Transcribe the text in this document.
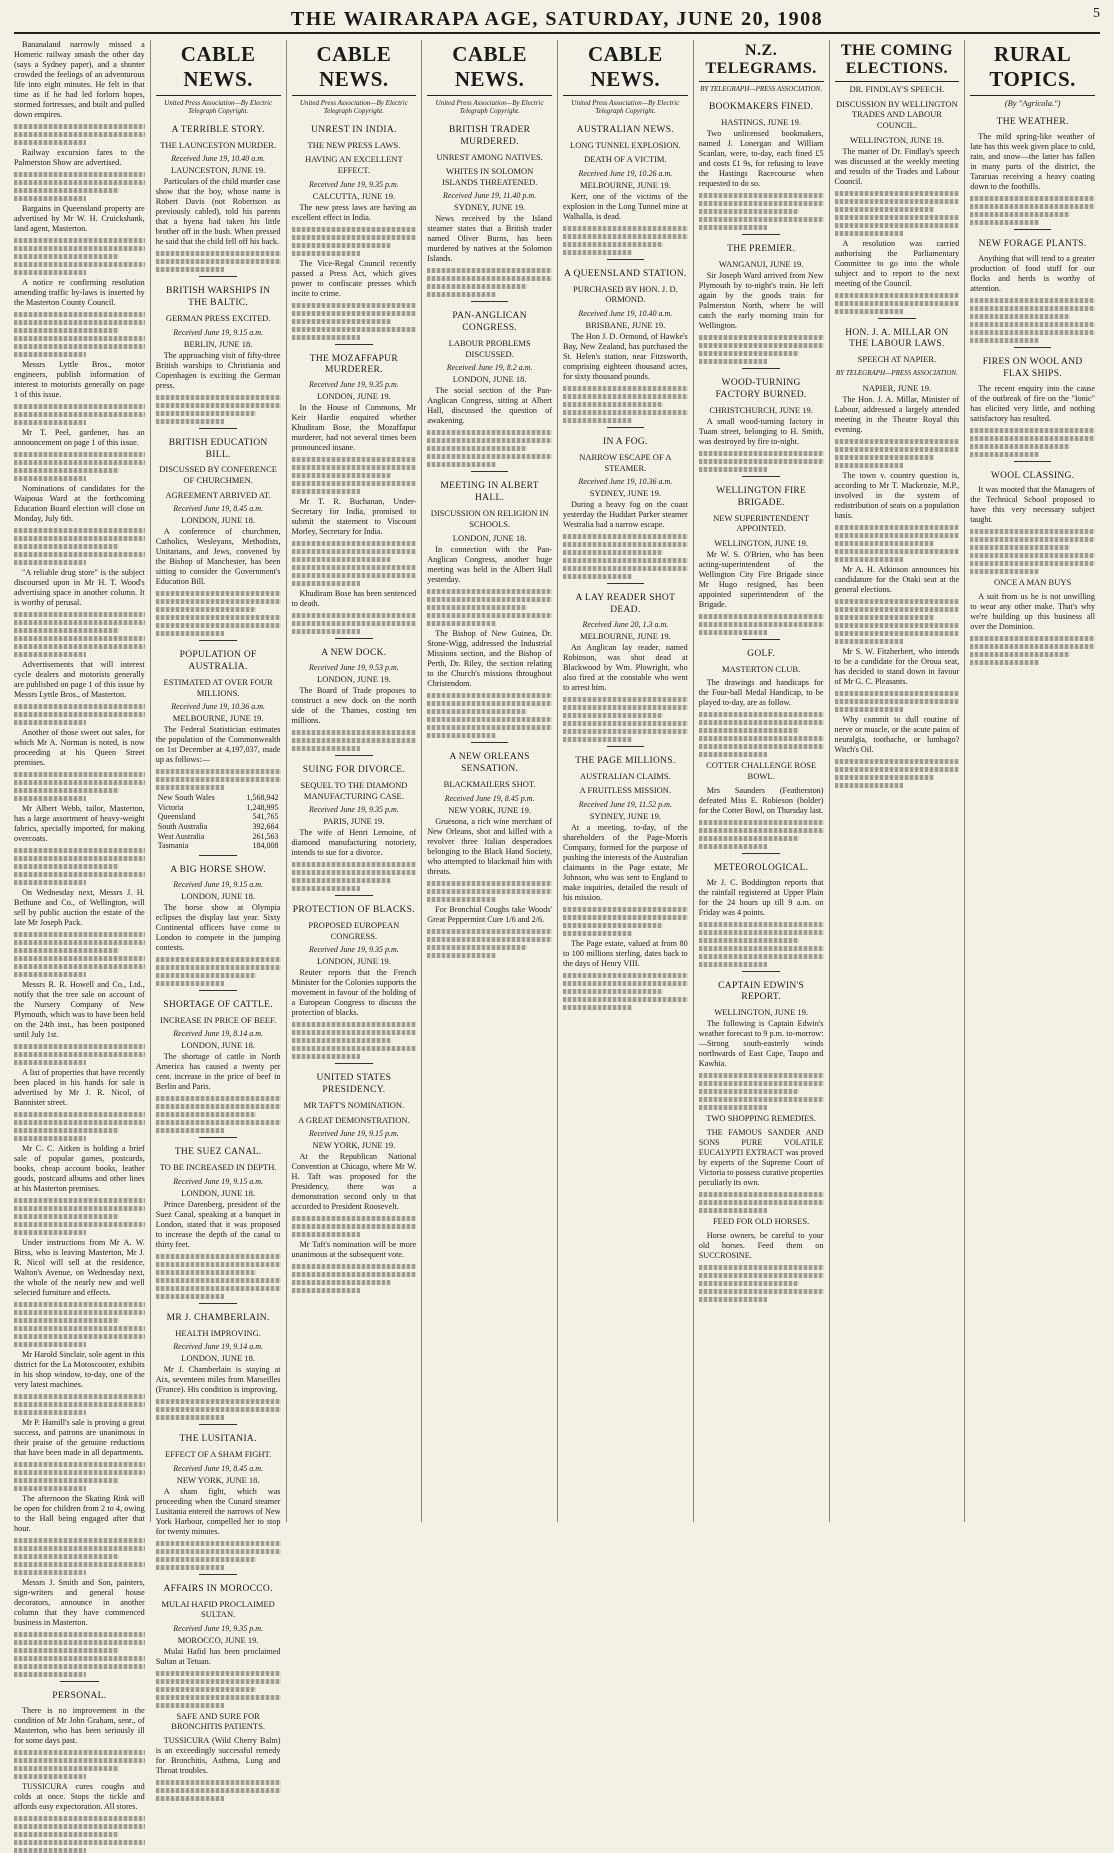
THE WAIRARAPA AGE, SATURDAY, JUNE 20, 1908	5

Bananaland narrowly missed a Homeric railway smash the other day (says a Sydney paper), and a shunter crowded the feelings of an adventurous life into eight minutes. He felt in that time as if he had led forlorn hopes, stormed fortresses, and built and pulled down empires.

Railway excursion fares to the Palmerston Show are advertised.

Bargains in Queensland property are advertised by Mr W. H. Cruickshank, land agent, Masterton.

A notice re confirming resolution amending traffic by-laws is inserted by the Masterton County Council.

Messrs Lyttle Bros., motor engineers, publish information of interest to motorists generally on page 1 of this issue.

Mr T. Peel, gardener, has an announcement on page 1 of this issue.

Nominations of candidates for the Waipoua Ward at the forthcoming Education Board election will close on Monday, July 6th.

"A reliable drug store" is the subject discoursed upon in Mr H. T. Wood's advertising space in another column. It is worthy of perusal.

Advertisements that will interest cycle dealers and motorists generally are published on page 1 of this issue by Messrs Lyttle Bros., of Masterton.

Another of those sweet out sales, for which Mr A. Norman is noted, is now proceeding at his Queen Street premises.

Mr Albert Webb, tailor, Masterton, has a large assortment of heavy-weight fabrics, specially imported, for making overcoats.

On Wednesday next, Messrs J. H. Bethune and Co., of Wellington, will sell by public auction the estate of the late Mr Joseph Pack.

Messrs R. R. Howell and Co., Ltd., notify that the tree sale on account of the Nursery Company of New Plymouth, which was to have been held on the 24th inst., has been postponed until July 1st.

A list of properties that have recently been placed in his hands for sale is advertised by Mr J. R. Nicol, of Bannister street.

Mr C. C. Aitken is holding a brief sale of popular games, postcards, books, cheap account books, leather goods, postcard albums and other lines at his Masterton premises.

Under instructions from Mr A. W. Birss, who is leaving Masterton, Mr J. R. Nicol will sell at the residence, Walton's Avenue, on Wednesday next, the whole of the nearly new and well selected furniture and effects.

Mr Harold Sinclair, sole agent in this district for the La Motoscooter, exhibits in his shop window, to-day, one of the very latest machines.

Mr P. Hamill's sale is proving a great success, and patrons are unanimous in their praise of the genuine reductions that have been made in all departments.

The afternoon the Skating Rink will be open for children from 2 to 4, owing to the Hall being engaged after that hour.

Messrs J. Smith and Son, painters, sign-writers and general house decorators, announce in another column that they have commenced business in Masterton.

PERSONAL.

There is no improvement in the condition of Mr John Graham, senr., of Masterton, who has been seriously ill for some days past.

TUSSICURA cures coughs and colds at once. Stops the tickle and affords easy expectoration. All stores.

CABLE NEWS.
United Press Association—By Electric Telegraph Copyright.
A TERRIBLE STORY.
THE LAUNCESTON MURDER.
Received June 19, 10.40 a.m.
LAUNCESTON, JUNE 19.

Particulars of the child murder case show that the boy, whose name is Robert Davis (not Robertson as previously cabled), told his parents that a hyena had taken his little brother off in the bush. When pressed he said that the child fell off his back.

BRITISH WARSHIPS IN THE BALTIC.
GERMAN PRESS EXCITED.
Received June 19, 9.15 a.m.
BERLIN, JUNE 18.

The approaching visit of fifty-three British warships to Christiania and Copenhagen is exciting the German press.

BRITISH EDUCATION BILL.
DISCUSSED BY CONFERENCE OF CHURCHMEN.
AGREEMENT ARRIVED AT.
Received June 19, 8.45 a.m.
LONDON, JUNE 18.

A conference of churchmen, Catholics, Wesleyans, Methodists, Unitarians, and Jews, convened by the Bishop of Manchester, has been sitting to consider the Government's Education Bill.

POPULATION OF AUSTRALIA.
ESTIMATED AT OVER FOUR MILLIONS.
Received June 19, 10.36 a.m.
MELBOURNE, JUNE 19.

The Federal Statistician estimates the population of the Commonwealth on 1st December at 4,197,037, made up as follows:—

New South Wales	1,568,942
Victoria	1,248,995
Queensland	541,765
South Australia	392,664
West Australia	261,563
Tasmania	184,008
A BIG HORSE SHOW.
Received June 19, 9.15 a.m.
LONDON, JUNE 18.

The horse show at Olympia eclipses the display last year. Sixty Continental officers have come to London to compete in the jumping contests.

SHORTAGE OF CATTLE.
INCREASE IN PRICE OF BEEF.
Received June 19, 8.14 a.m.
LONDON, JUNE 18.

The shortage of cattle in North America has caused a twenty per cent. increase in the price of beef in Berlin and Paris.

THE SUEZ CANAL.
TO BE INCREASED IN DEPTH.
Received June 19, 9.15 a.m.
LONDON, JUNE 18.

Prince Darenberg, president of the Suez Canal, speaking at a banquet in London, stated that it was proposed to increase the depth of the canal to thirty feet.

MR J. CHAMBERLAIN.
HEALTH IMPROVING.
Received June 19, 9.14 a.m.
LONDON, JUNE 18.

Mr J. Chamberlain is staying at Aix, seventeen miles from Marseilles (France). His condition is improving.

THE LUSITANIA.
EFFECT OF A SHAM FIGHT.
Received June 19, 8.45 a.m.
NEW YORK, JUNE 18.

A sham fight, which was proceeding when the Cunard steamer Lusitania entered the narrows of New York Harbour, compelled her to stop for twenty minutes.

AFFAIRS IN MOROCCO.
MULAI HAFID PROCLAIMED SULTAN.
Received June 19, 9.35 p.m.
MOROCCO, JUNE 19.

Mulai Hafid has been proclaimed Sultan at Tetuan.

SAFE AND SURE FOR BRONCHITIS PATIENTS.

TUSSICURA (Wild Cherry Balm) is an exceedingly successful remedy for Bronchitis, Asthma, Lung and Throat troubles.

CABLE NEWS.
United Press Association—By Electric Telegraph Copyright.
UNREST IN INDIA.
THE NEW PRESS LAWS.
HAVING AN EXCELLENT EFFECT.
Received June 19, 9.35 p.m.
CALCUTTA, JUNE 19.

The new press laws are having an excellent effect in India.

The Vice-Regal Council recently passed a Press Act, which gives power to confiscate presses which incite to crime.

THE MOZAFFAPUR MURDERER.
Received June 19, 9.35 p.m.
LONDON, JUNE 19.

In the House of Commons, Mr Keir Hardie enquired whether Khudiram Bose, the Mozaffapur murderer, had not several times been pronounced insane.

Mr T. R. Buchanan, Under-Secretary for India, promised to submit the statement to Viscount Morley, Secretary for India.

Khudiram Bose has been sentenced to death.

A NEW DOCK.
Received June 19, 9.53 p.m.
LONDON, JUNE 19.

The Board of Trade proposes to construct a new dock on the north side of the Thames, costing ten millions.

SUING FOR DIVORCE.
SEQUEL TO THE DIAMOND MANUFACTURING CASE.
Received June 19, 9.35 p.m.
PARIS, JUNE 19.

The wife of Henri Lemoine, of diamond manufacturing notoriety, intends to sue for a divorce.

PROTECTION OF BLACKS.
PROPOSED EUROPEAN CONGRESS.
Received June 19, 9.35 p.m.
LONDON, JUNE 19.

Reuter reports that the French Minister for the Colonies supports the movement in favour of the holding of a European Congress to discuss the protection of blacks.

UNITED STATES PRESIDENCY.
MR TAFT'S NOMINATION.
A GREAT DEMONSTRATION.
Received June 19, 9.15 p.m.
NEW YORK, JUNE 19.

At the Republican National Convention at Chicago, where Mr W. H. Taft was proposed for the Presidency, there was a demonstration second only to that accorded to President Roosevelt.

Mr Taft's nomination will be more unanimous at the subsequent vote.

CABLE NEWS.
United Press Association—By Electric Telegraph Copyright.
BRITISH TRADER MURDERED.
UNREST AMONG NATIVES.
WHITES IN SOLOMON ISLANDS THREATENED.
Received June 19, 11.40 p.m.
SYDNEY, JUNE 19.

News received by the Island steamer states that a British trader named Oliver Burns, has been murdered by natives at the Solomon Islands.

PAN-ANGLICAN CONGRESS.
LABOUR PROBLEMS DISCUSSED.
Received June 19, 8.2 a.m.
LONDON, JUNE 18.

The social section of the Pan-Anglican Congress, sitting at Albert Hall, discussed the question of awakening.

MEETING IN ALBERT HALL.
DISCUSSION ON RELIGION IN SCHOOLS.
LONDON, JUNE 18.

In connection with the Pan-Anglican Congress, another huge meeting was held in the Albert Hall yesterday.

The Bishop of New Guinea, Dr. Stone-Wigg, addressed the Industrial Missions section, and the Bishop of Perth, Dr. Riley, the section relating to the Church's missions throughout Christendom.

A NEW ORLEANS SENSATION.
BLACKMAILERS SHOT.
Received June 19, 8.45 p.m.
NEW YORK, JUNE 19.

Gruesona, a rich wine merchant of New Orleans, shot and killed with a revolver three Italian desperadoes belonging to the Black Hand Society, who attempted to blackmail him with threats.

For Bronchial Coughs take Woods' Great Peppermint Cure 1/6 and 2/6.

CABLE NEWS.
United Press Association—By Electric Telegraph Copyright.
AUSTRALIAN NEWS.
LONG TUNNEL EXPLOSION.
DEATH OF A VICTIM.
Received June 19, 10.26 a.m.
MELBOURNE, JUNE 19.

Kerr, one of the victims of the explosion in the Long Tunnel mine at Walhalla, is dead.

A QUEENSLAND STATION.
PURCHASED BY HON. J. D. ORMOND.
Received June 19, 10.40 a.m.
BRISBANE, JUNE 19.

The Hon J. D. Ormond, of Hawke's Bay, New Zealand, has purchased the St. Helen's station, near Fitzsworth, comprising eighteen thousand acres, for sixty thousand pounds.

IN A FOG.
NARROW ESCAPE OF A STEAMER.
Received June 19, 10.36 a.m.
SYDNEY, JUNE 19.

During a heavy fog on the coast yesterday the Huddart Parker steamer Westralia had a narrow escape.

A LAY READER SHOT DEAD.
Received June 20, 1.3 a.m.
MELBOURNE, JUNE 19.

An Anglican lay reader, named Robinson, was shot dead at Blackwood by Wm. Plowright, who also fired at the constable who went to arrest him.

THE PAGE MILLIONS.
AUSTRALIAN CLAIMS.
A FRUITLESS MISSION.
Received June 19, 11.52 p.m.
SYDNEY, JUNE 19.

At a meeting, to-day, of the shareholders of the Page-Morris Company, formed for the purpose of pushing the interests of the Australian claimants in the Page estate, Mr Johnson, who was sent to England to make inquiries, detailed the result of his mission.

The Page estate, valued at from 80 to 100 millions sterling, dates back to the days of Henry VIII.

N.Z. TELEGRAMS.
BY TELEGRAPH—PRESS ASSOCIATION.
BOOKMAKERS FINED.
HASTINGS, JUNE 19.

Two unlicensed bookmakers, named J. Lonergan and William Scanlan, were, to-day, each fined £5 and costs £1 9s, for refusing to leave the Hastings Racecourse when requested to do so.

THE PREMIER.
WANGANUI, JUNE 19.

Sir Joseph Ward arrived from New Plymouth by to-night's train. He left again by the goods train for Palmerston North, where he will catch the early morning train for Wellington.

WOOD-TURNING FACTORY BURNED.
CHRISTCHURCH, JUNE 19.

A small wood-turning factory in Tuam street, belonging to H. Smith, was destroyed by fire to-night.

WELLINGTON FIRE BRIGADE.
NEW SUPERINTENDENT APPOINTED.
WELLINGTON, JUNE 19.

Mr W. S. O'Brien, who has been acting-superintendent of the Wellington City Fire Brigade since Mr Hugo resigned, has been appointed superintendent of the Brigade.

GOLF.
MASTERTON CLUB.

The drawings and handicaps for the Four-ball Medal Handicap, to be played to-day, are as follow.

COTTER CHALLENGE ROSE BOWL.

Mrs Saunders (Featherston) defeated Miss E. Robieson (holder) for the Cotter Bowl, on Thursday last.

METEOROLOGICAL.

Mr J. C. Boddington reports that the rainfall registered at Upper Plain for the 24 hours up till 9 a.m. on Friday was 4 points.

CAPTAIN EDWIN'S REPORT.
WELLINGTON, JUNE 19.

The following is Captain Edwin's weather forecast to 9 p.m. to-morrow:—Strong south-easterly winds northwards of East Cape, Taupo and Kawhia.

TWO SHOPPING REMEDIES.

THE FAMOUS SANDER AND SONS PURE VOLATILE EUCALYPTI EXTRACT was proved by experts of the Supreme Court of Victoria to possess curative properties peculiarly its own.

FEED FOR OLD HORSES.

Horse owners, be careful to your old horses. Feed them on SUCCROSINE.

THE COMING ELECTIONS.
DR. FINDLAY'S SPEECH.
DISCUSSION BY WELLINGTON TRADES AND LABOUR COUNCIL.
WELLINGTON, JUNE 19.

The matter of Dr. Findlay's speech was discussed at the weekly meeting and results of the Trades and Labour Council.

A resolution was carried authorising the Parliamentary Committee to go into the whole subject and to report to the next meeting of the Council.

HON. J. A. MILLAR ON THE LABOUR LAWS.
SPEECH AT NAPIER.
BY TELEGRAPH—PRESS ASSOCIATION.
NAPIER, JUNE 19.

The Hon. J. A. Millar, Minister of Labour, addressed a largely attended meeting in the Theatre Royal this evening.

The town v. country question is, according to Mr T. Mackenzie, M.P., involved in the system of redistribution of seats on a population basis.

Mr A. H. Atkinson announces his candidature for the Otaki seat at the general elections.

Mr S. W. Fitzherbert, who intends to be a candidate for the Oroua seat, has decided to stand down in favour of Mr G. C. Pleasants.

Why commit to dull routine of nerve or muscle, or the acute pains of neuralgia, toothache, or lumbago? Witch's Oil.

RURAL TOPICS.
(By "Agricola.")
THE WEATHER.

The mild spring-like weather of late has this week given place to cold, rain, and snow—the latter has fallen in many parts of the district, the Tararuas receiving a heavy coating down to the foothills.

NEW FORAGE PLANTS.

Anything that will tend to a greater production of food stuff for our flocks and herds is worthy of attention.

FIRES ON WOOL AND FLAX SHIPS.

The recent enquiry into the cause of the outbreak of fire on the "Ionic" has elicited very little, and nothing satisfactory has resulted.

WOOL CLASSING.

It was mooted that the Managers of the Technical School proposed to have this very necessary subject taught.

ONCE A MAN BUYS

A suit from us he is not unwilling to wear any other make. That's why we're building up this business all over the Dominion.
